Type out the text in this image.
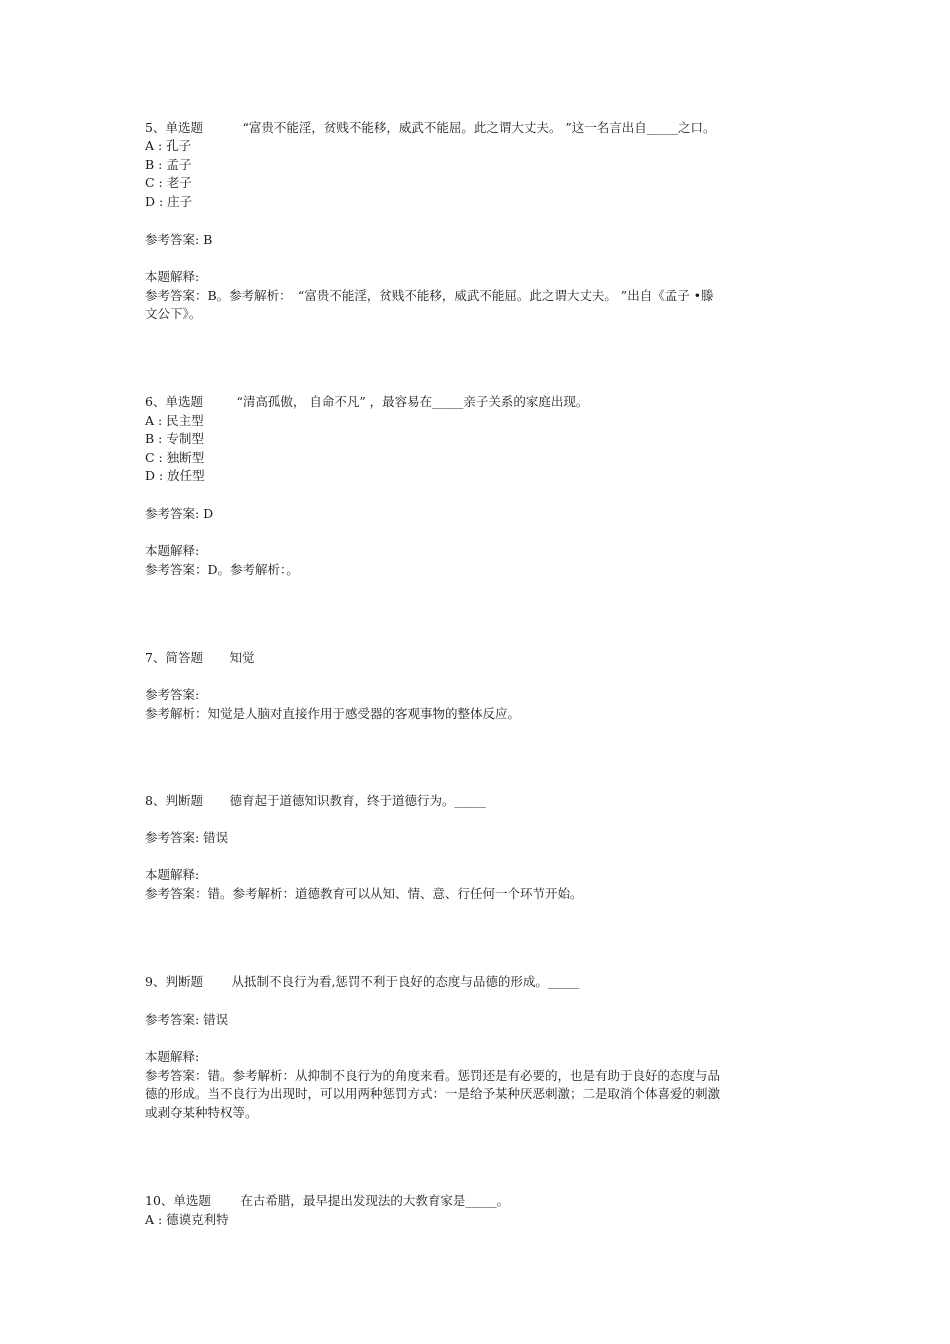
5、单选题	“富贵不能淫，贫贱不能移，威武不能屈。此之谓大丈夫。 ”这一名言出自_____之口。
A : 孔子
B : 孟子
C : 老子
D : 庄子
参考答案: B
本题解释:
参考答案：B。参考解析：　“富贵不能淫，贫贱不能移，威武不能屈。此之谓大丈夫。 ”出自《孟子 •滕
文公下》。
6、单选题	“清高孤傲， 自命不凡” ，最容易在_____亲子关系的家庭出现。
A : 民主型
B : 专制型
C : 独断型
D : 放任型
参考答案: D
本题解释:
参考答案：D。参考解析：。
7、简答题 知觉
参考答案:
参考解析：知觉是人脑对直接作用于感受器的客观事物的整体反应。
8、判断题 德育起于道德知识教育，终于道德行为。_____
参考答案: 错误
本题解释:
参考答案：错。参考解析：道德教育可以从知、情、意、行任何一个环节开始。
9、判断题 从抵制不良行为看,惩罚不利于良好的态度与品德的形成。_____
参考答案: 错误
本题解释:
参考答案：错。参考解析：从抑制不良行为的角度来看。惩罚还是有必要的，也是有助于良好的态度与品
德的形成。当不良行为出现时，可以用两种惩罚方式：一是给予某种厌恶刺激；二是取消个体喜爱的刺激
或剥夺某种特权等。
10、单选题 在古希腊，最早提出发现法的大教育家是_____。
A : 德谟克利特
